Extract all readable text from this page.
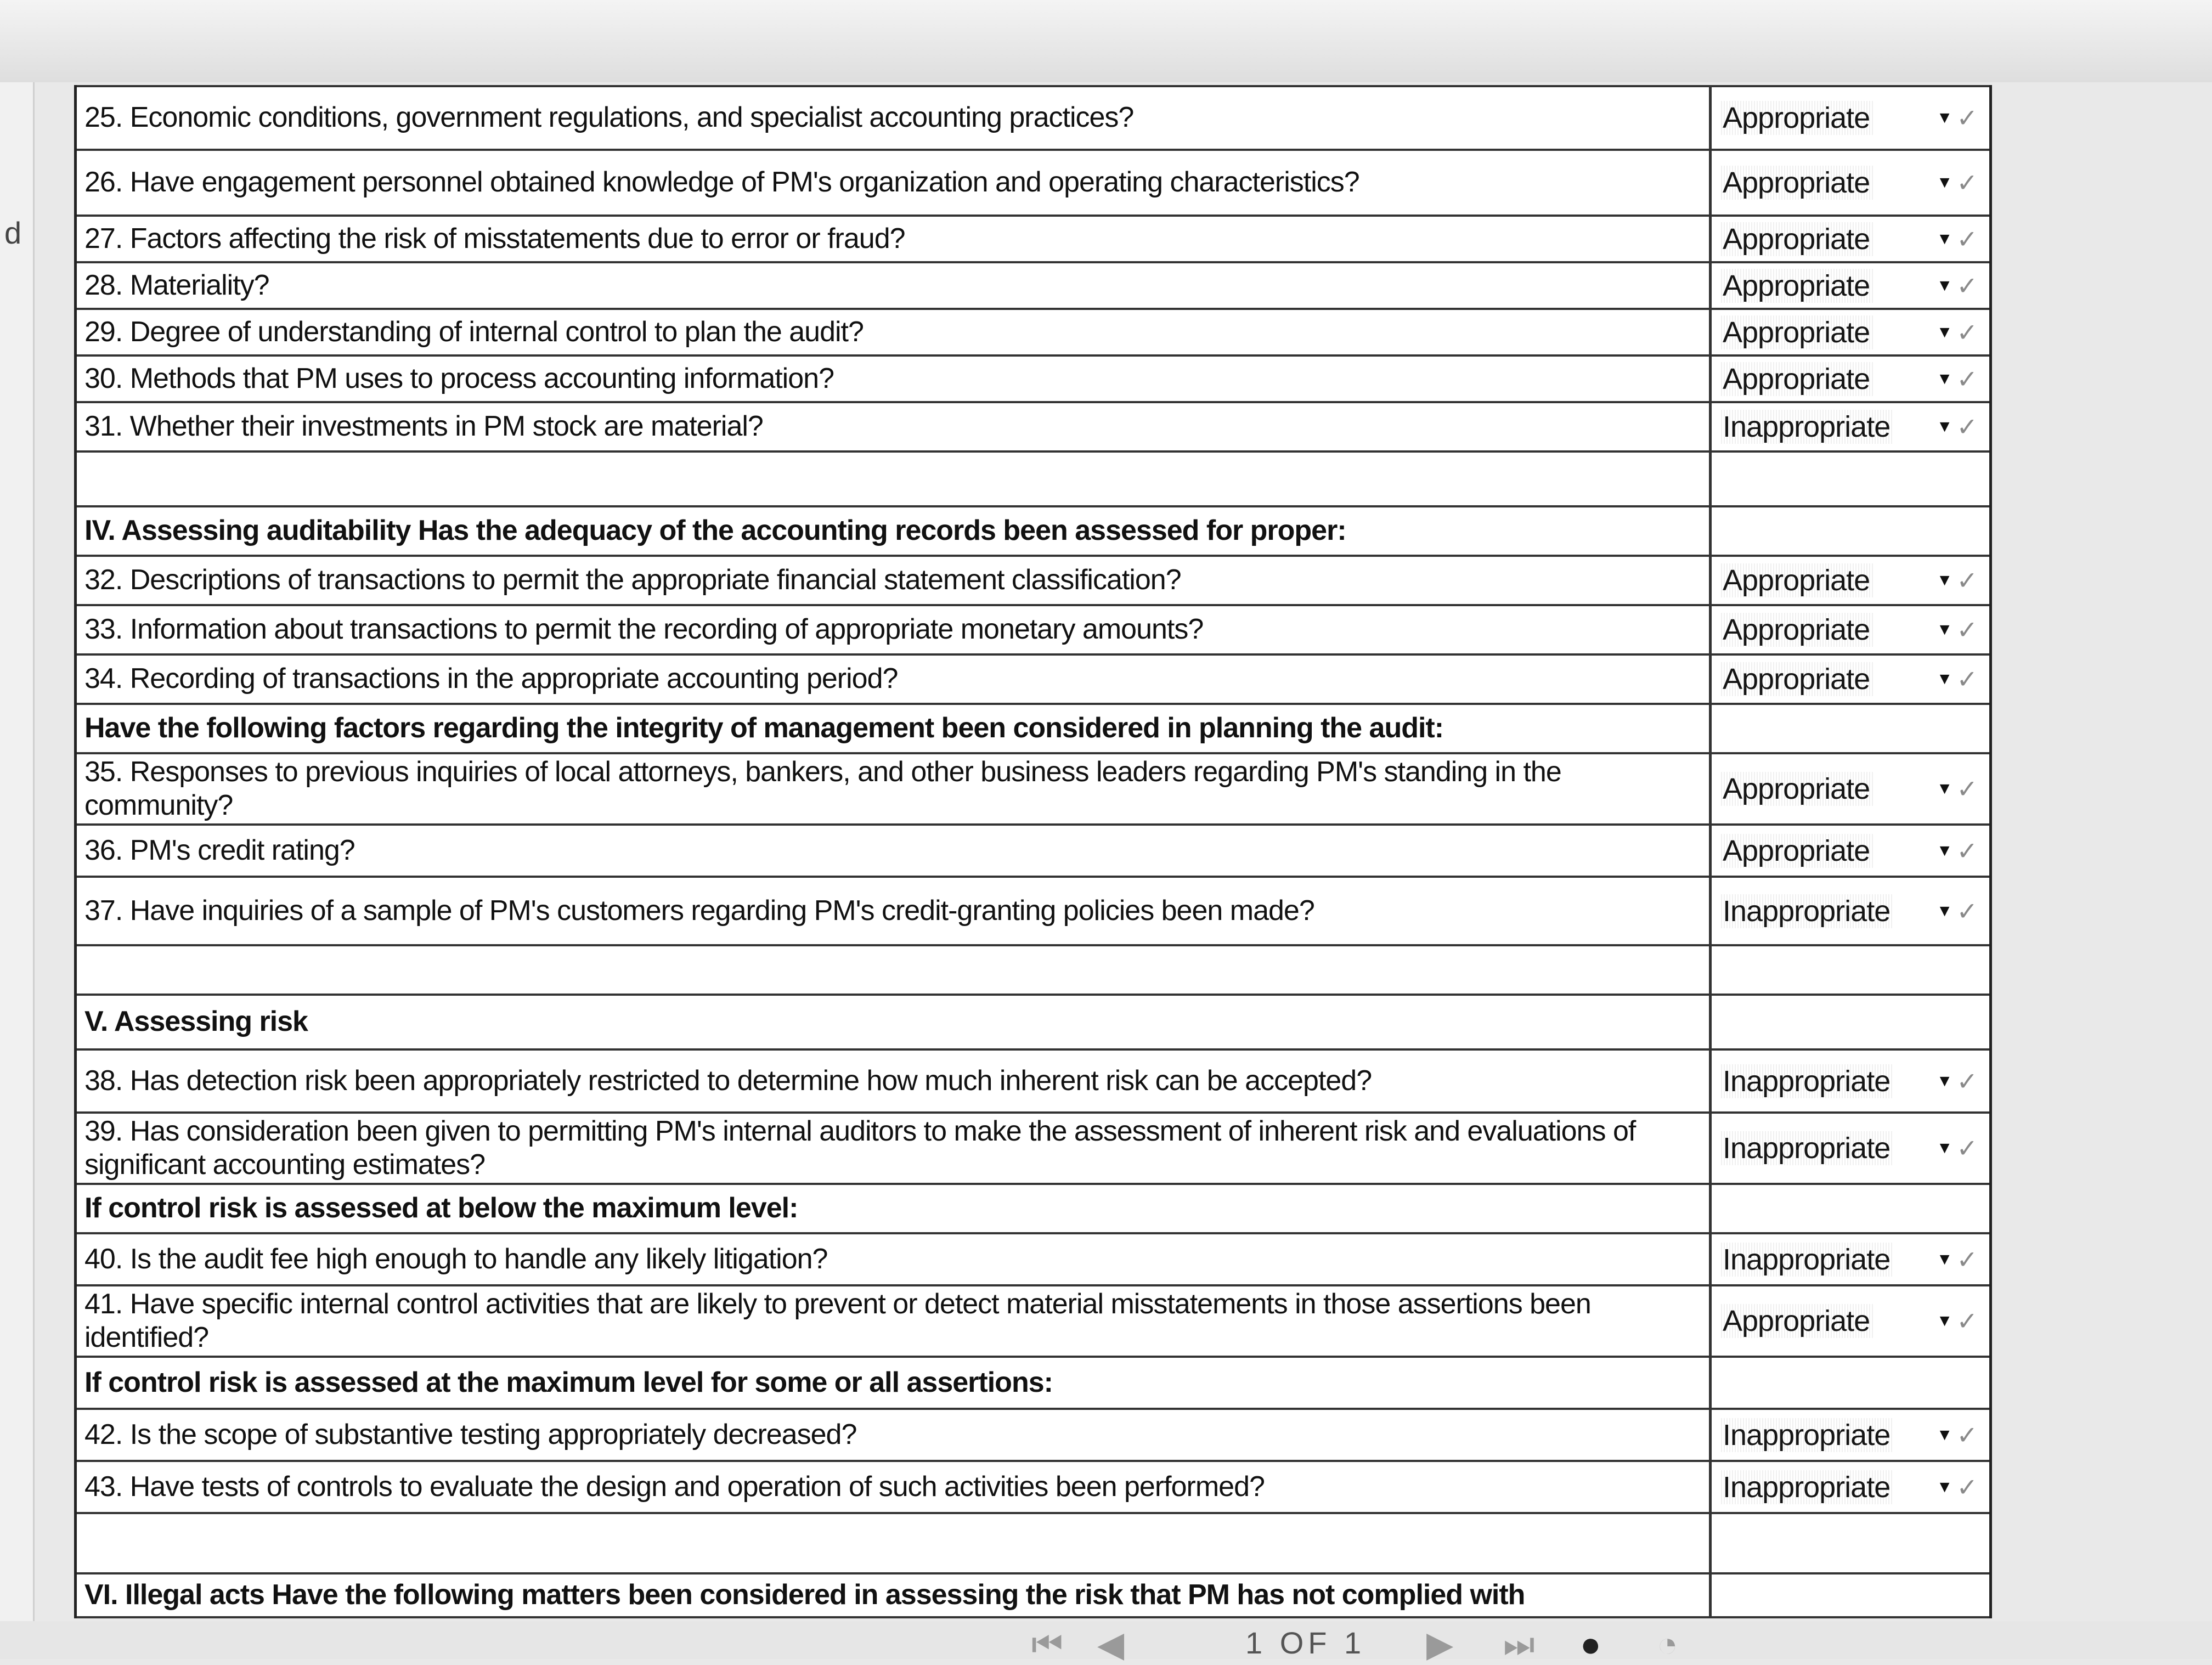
d
25. Economic conditions, government regulations, and specialist accounting practices?	Appropriate	▼ ✓
26. Have engagement personnel obtained knowledge of PM's organization and operating characteristics?	Appropriate	▼ ✓
27. Factors affecting the risk of misstatements due to error or fraud?	Appropriate	▼ ✓
28. Materiality?	Appropriate	▼ ✓
29. Degree of understanding of internal control to plan the audit?	Appropriate	▼ ✓
30. Methods that PM uses to process accounting information?	Appropriate	▼ ✓
31. Whether their investments in PM stock are material?	Inappropriate	▼ ✓
IV. Assessing auditability Has the adequacy of the accounting records been assessed for proper:
32. Descriptions of transactions to permit the appropriate financial statement classification?	Appropriate	▼ ✓
33. Information about transactions to permit the recording of appropriate monetary amounts?	Appropriate	▼ ✓
34. Recording of transactions in the appropriate accounting period?	Appropriate	▼ ✓
Have the following factors regarding the integrity of management been considered in planning the audit:
35. Responses to previous inquiries of local attorneys, bankers, and other business leaders regarding PM's standing in the community?	Appropriate	▼ ✓
36. PM's credit rating?	Appropriate	▼ ✓
37. Have inquiries of a sample of PM's customers regarding PM's credit-granting policies been made?	Inappropriate	▼ ✓
V. Assessing risk
38. Has detection risk been appropriately restricted to determine how much inherent risk can be accepted?	Inappropriate	▼ ✓
39. Has consideration been given to permitting PM's internal auditors to make the assessment of inherent risk and evaluations of significant accounting estimates?	Inappropriate	▼ ✓
If control risk is assessed at below the maximum level:
40. Is the audit fee high enough to handle any likely litigation?	Inappropriate	▼ ✓
41. Have specific internal control activities that are likely to prevent or detect material misstatements in those assertions been identified?	Appropriate	▼ ✓
If control risk is assessed at the maximum level for some or all assertions:
42. Is the scope of substantive testing appropriately decreased?	Inappropriate	▼ ✓
43. Have tests of controls to evaluate the design and operation of such activities been performed?	Inappropriate	▼ ✓
VI. Illegal acts Have the following matters been considered in assessing the risk that PM has not complied with
⏮ ◀	1 OF 1 ▶ ⏭ ● ◔
